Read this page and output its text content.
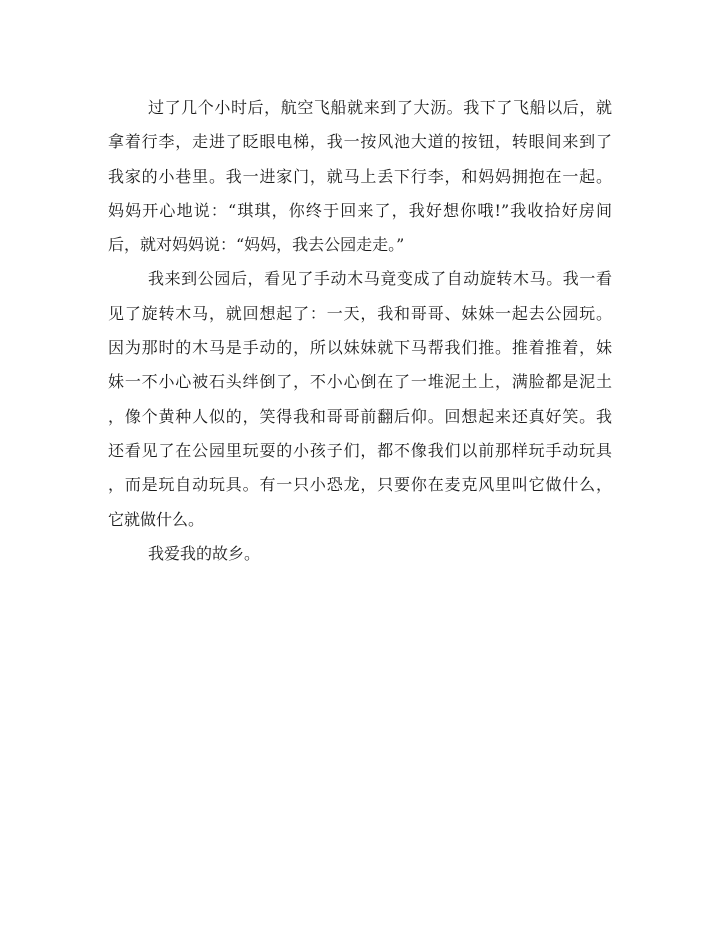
过了几个小时后，航空飞船就来到了大沥。我下了飞船以后，就
拿着行李，走进了眨眼电梯，我一按风池大道的按钮，转眼间来到了
我家的小巷里。我一进家门，就马上丢下行李，和妈妈拥抱在一起。
妈妈开心地说：“琪琪，你终于回来了，我好想你哦!”我收拾好房间
后，就对妈妈说：“妈妈，我去公园走走。”
我来到公园后，看见了手动木马竟变成了自动旋转木马。我一看
见了旋转木马，就回想起了：一天，我和哥哥、妹妹一起去公园玩。
因为那时的木马是手动的，所以妹妹就下马帮我们推。推着推着，妹
妹一不小心被石头绊倒了，不小心倒在了一堆泥土上，满脸都是泥土
，像个黄种人似的，笑得我和哥哥前翻后仰。回想起来还真好笑。我
还看见了在公园里玩耍的小孩子们，都不像我们以前那样玩手动玩具
，而是玩自动玩具。有一只小恐龙，只要你在麦克风里叫它做什么，
它就做什么。
我爱我的故乡。
